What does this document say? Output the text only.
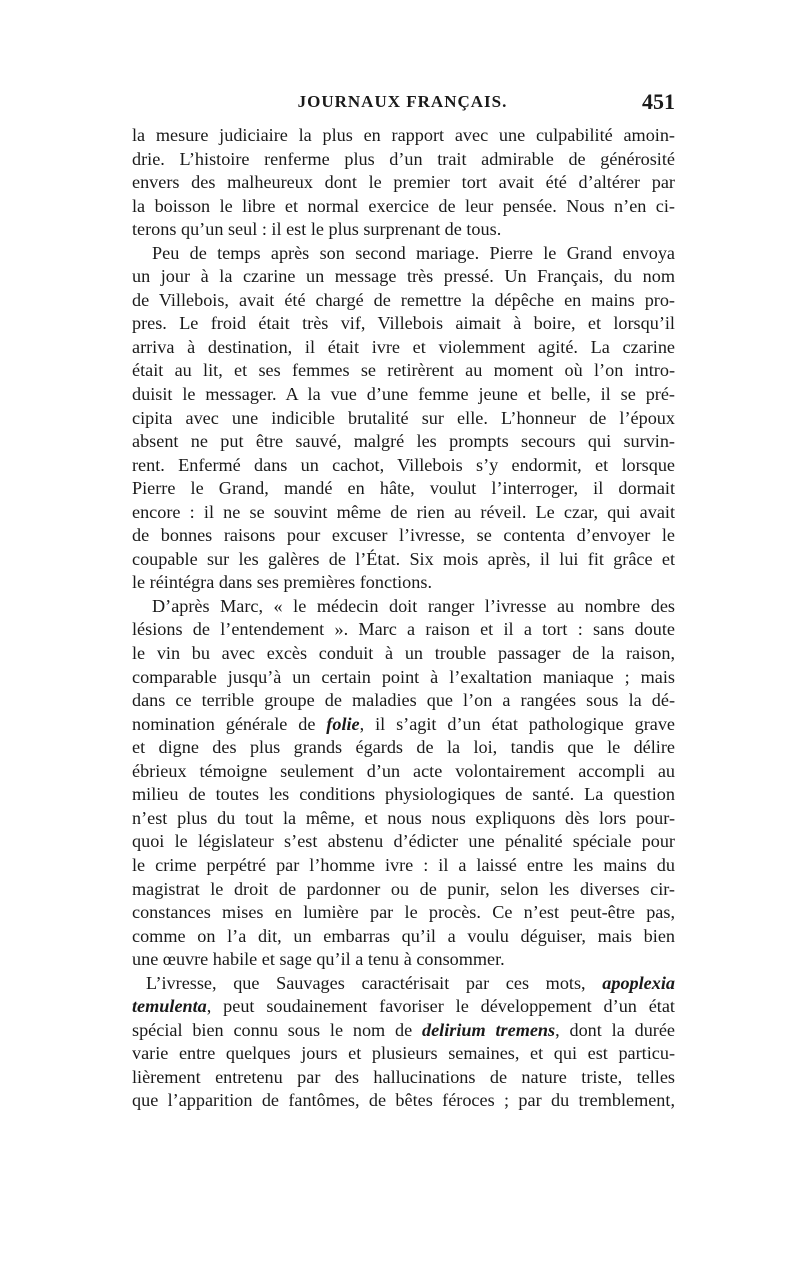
JOURNAUX FRANÇAIS.	451
la mesure judiciaire la plus en rapport avec une culpabilité amoin-
drie. L’histoire renferme plus d’un trait admirable de générosité
envers des malheureux dont le premier tort avait été d’altérer par
la boisson le libre et normal exercice de leur pensée. Nous n’en ci-
terons qu’un seul : il est le plus surprenant de tous.
Peu de temps après son second mariage. Pierre le Grand envoya
un jour à la czarine un message très pressé. Un Français, du nom
de Villebois, avait été chargé de remettre la dépêche en mains pro-
pres. Le froid était très vif, Villebois aimait à boire, et lorsqu’il
arriva à destination, il était ivre et violemment agité. La czarine
était au lit, et ses femmes se retirèrent au moment où l’on intro-
duisit le messager. A la vue d’une femme jeune et belle, il se pré-
cipita avec une indicible brutalité sur elle. L’honneur de l’époux
absent ne put être sauvé, malgré les prompts secours qui survin-
rent. Enfermé dans un cachot, Villebois s’y endormit, et lorsque
Pierre le Grand, mandé en hâte, voulut l’interroger, il dormait
encore : il ne se souvint même de rien au réveil. Le czar, qui avait
de bonnes raisons pour excuser l’ivresse, se contenta d’envoyer le
coupable sur les galères de l’État. Six mois après, il lui fit grâce et
le réintégra dans ses premières fonctions.
D’après Marc, « le médecin doit ranger l’ivresse au nombre des
lésions de l’entendement ». Marc a raison et il a tort : sans doute
le vin bu avec excès conduit à un trouble passager de la raison,
comparable jusqu’à un certain point à l’exaltation maniaque ; mais
dans ce terrible groupe de maladies que l’on a rangées sous la dé-
nomination générale de folie, il s’agit d’un état pathologique grave
et digne des plus grands égards de la loi, tandis que le délire
ébrieux témoigne seulement d’un acte volontairement accompli au
milieu de toutes les conditions physiologiques de santé. La question
n’est plus du tout la même, et nous nous expliquons dès lors pour-
quoi le législateur s’est abstenu d’édicter une pénalité spéciale pour
le crime perpétré par l’homme ivre : il a laissé entre les mains du
magistrat le droit de pardonner ou de punir, selon les diverses cir-
constances mises en lumière par le procès. Ce n’est peut-être pas,
comme on l’a dit, un embarras qu’il a voulu déguiser, mais bien
une œuvre habile et sage qu’il a tenu à consommer.
L’ivresse, que Sauvages caractérisait par ces mots, apoplexia
temulenta, peut soudainement favoriser le développement d’un état
spécial bien connu sous le nom de delirium tremens, dont la durée
varie entre quelques jours et plusieurs semaines, et qui est particu-
lièrement entretenu par des hallucinations de nature triste, telles
que l’apparition de fantômes, de bêtes féroces ; par du tremblement,
